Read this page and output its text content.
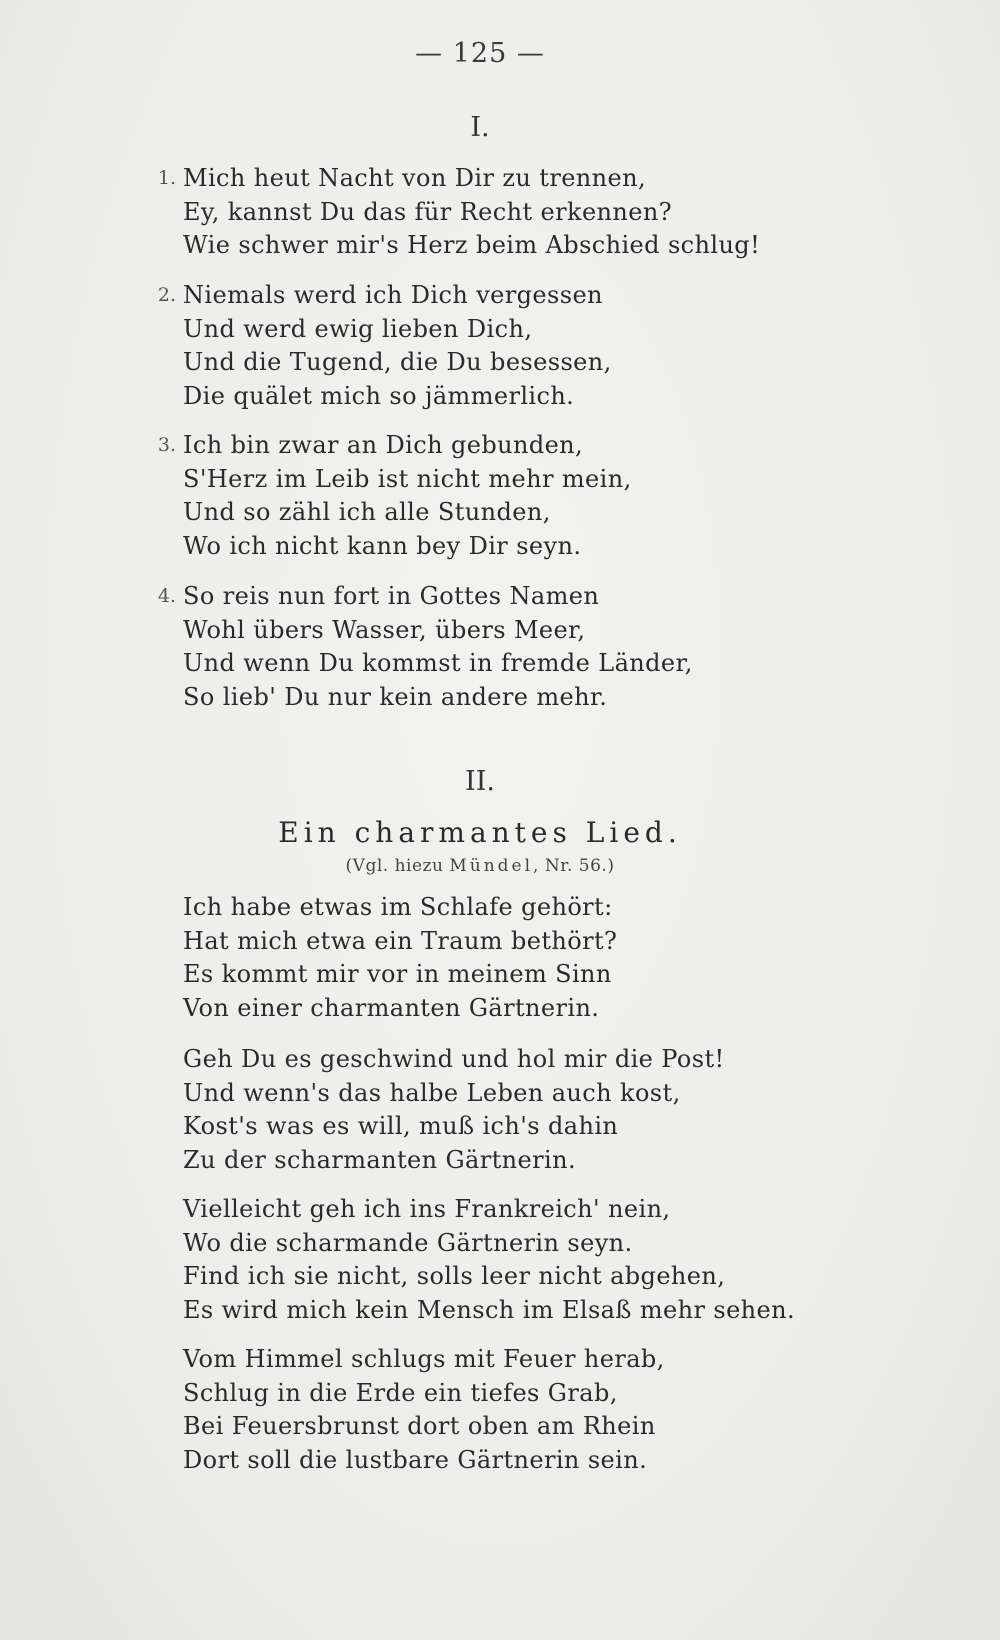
— 125 —
I.
1. Mich heut Nacht von Dir zu trennen,
Ey, kannst Du das für Recht erkennen?
Wie schwer mir's Herz beim Abschied schlug!
2. Niemals werd ich Dich vergessen
Und werd ewig lieben Dich,
Und die Tugend, die Du besessen,
Die quälet mich so jämmerlich.
3. Ich bin zwar an Dich gebunden,
S'Herz im Leib ist nicht mehr mein,
Und so zähl ich alle Stunden,
Wo ich nicht kann bey Dir seyn.
4. So reis nun fort in Gottes Namen
Wohl übers Wasser, übers Meer,
Und wenn Du kommst in fremde Länder,
So lieb' Du nur kein andere mehr.
II.
Ein charmantes Lied.
(Vgl. hiezu Mündel, Nr. 56.)
Ich habe etwas im Schlafe gehört:
Hat mich etwa ein Traum bethört?
Es kommt mir vor in meinem Sinn
Von einer charmanten Gärtnerin.
Geh Du es geschwind und hol mir die Post!
Und wenn's das halbe Leben auch kost,
Kost's was es will, muß ich's dahin
Zu der scharmanten Gärtnerin.
Vielleicht geh ich ins Frankreich' nein,
Wo die scharmande Gärtnerin seyn.
Find ich sie nicht, solls leer nicht abgehen,
Es wird mich kein Mensch im Elsaß mehr sehen.
Vom Himmel schlugs mit Feuer herab,
Schlug in die Erde ein tiefes Grab,
Bei Feuersbrunst dort oben am Rhein
Dort soll die lustbare Gärtnerin sein.
